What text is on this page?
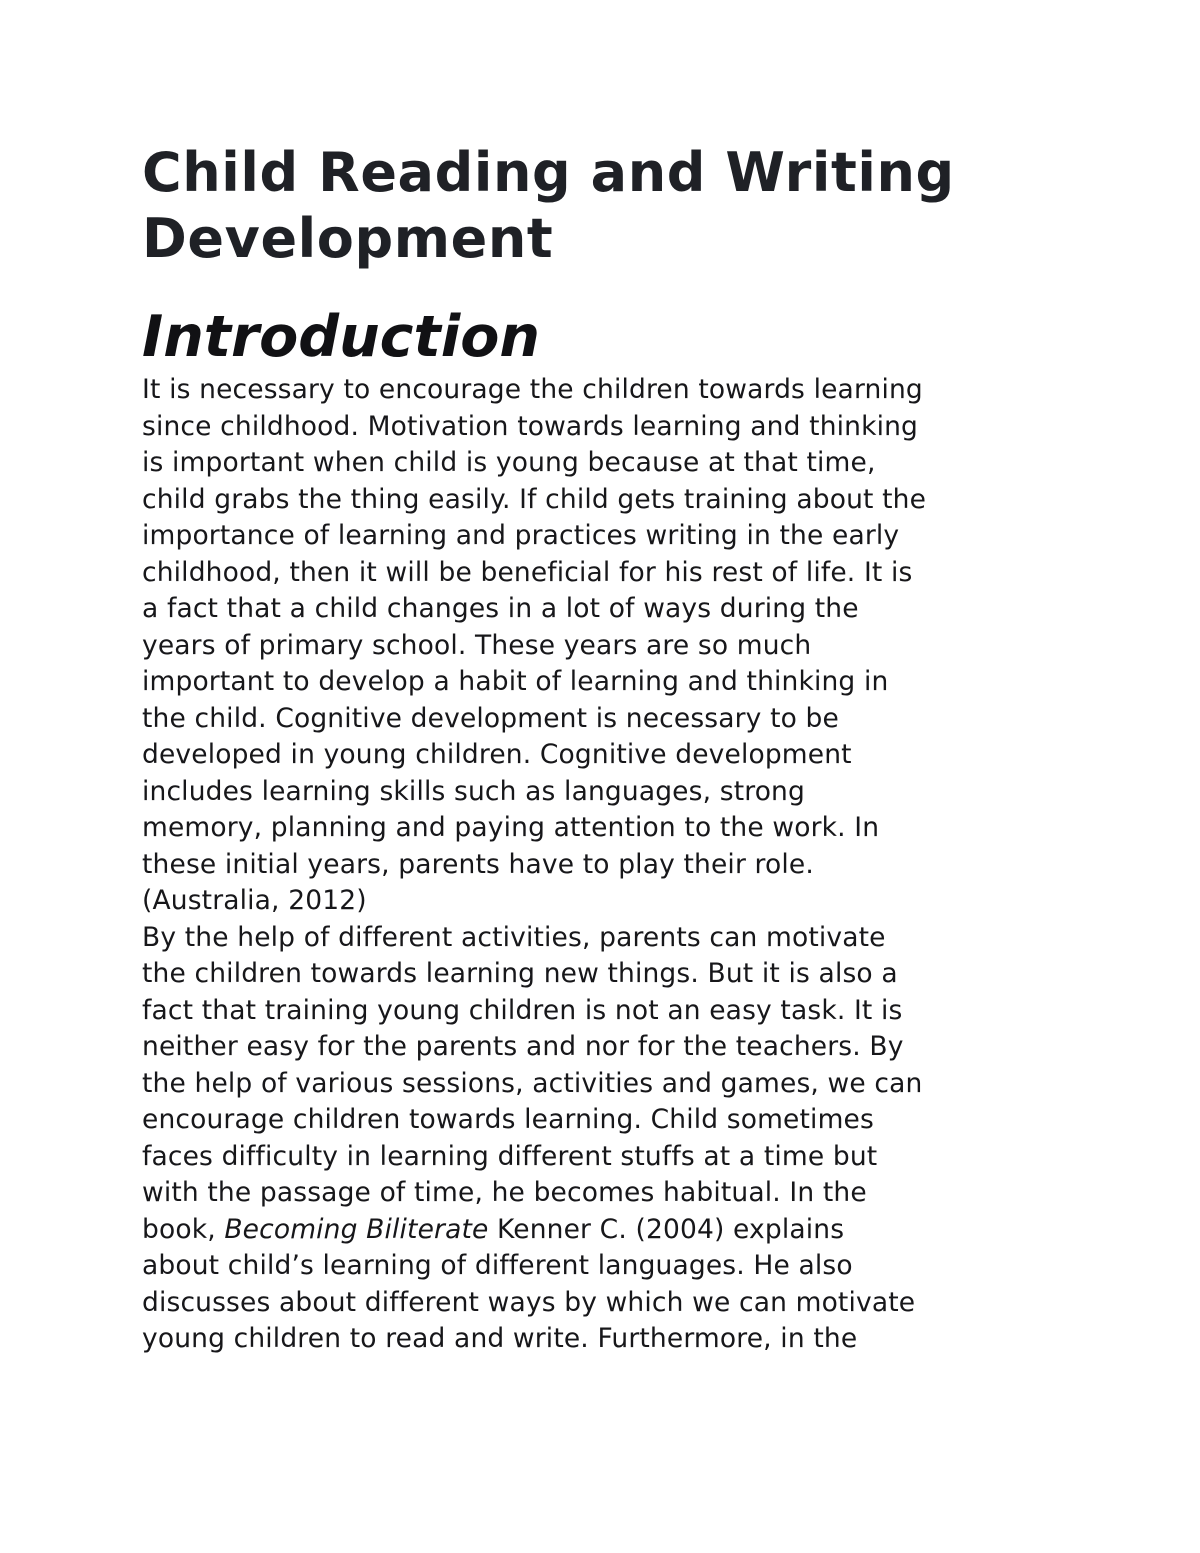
Child Reading and Writing
Development
Introduction

It is necessary to encourage the children towards learning
since childhood. Motivation towards learning and thinking
is important when child is young because at that time,
child grabs the thing easily. If child gets training about the
importance of learning and practices writing in the early
childhood, then it will be beneficial for his rest of life. It is
a fact that a child changes in a lot of ways during the
years of primary school. These years are so much
important to develop a habit of learning and thinking in
the child. Cognitive development is necessary to be
developed in young children. Cognitive development
includes learning skills such as languages, strong
memory, planning and paying attention to the work. In
these initial years, parents have to play their role.
(Australia, 2012)

By the help of different activities, parents can motivate
the children towards learning new things. But it is also a
fact that training young children is not an easy task. It is
neither easy for the parents and nor for the teachers. By
the help of various sessions, activities and games, we can
encourage children towards learning. Child sometimes
faces difficulty in learning different stuffs at a time but
with the passage of time, he becomes habitual. In the
book, Becoming Biliterate Kenner C. (2004) explains
about child’s learning of different languages. He also
discusses about different ways by which we can motivate
young children to read and write. Furthermore, in the
